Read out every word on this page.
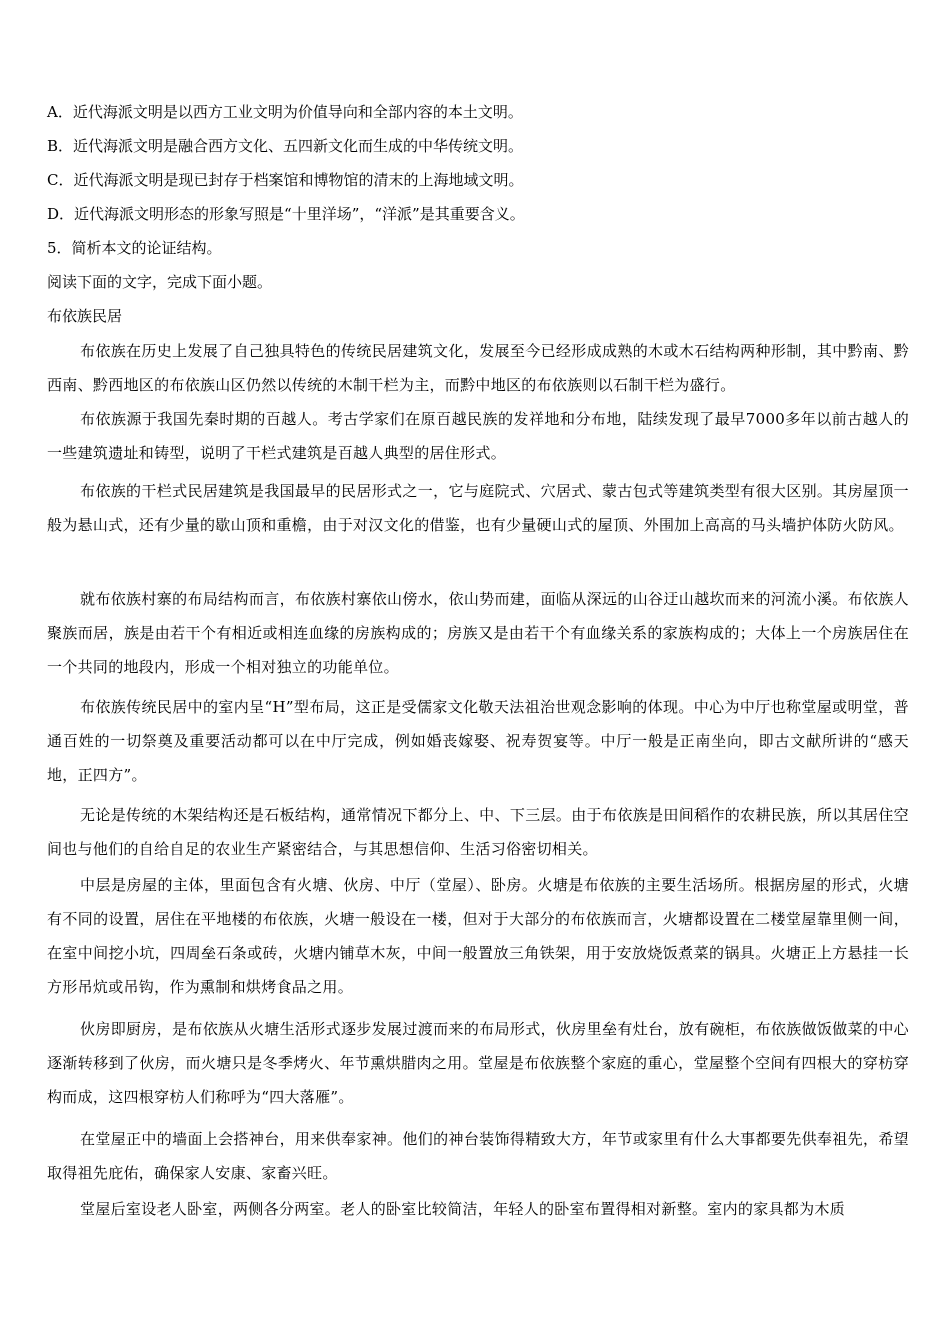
A．近代海派文明是以西方工业文明为价值导向和全部内容的本土文明。
B．近代海派文明是融合西方文化、五四新文化而生成的中华传统文明。
C．近代海派文明是现已封存于档案馆和博物馆的清末的上海地域文明。
D．近代海派文明形态的形象写照是“十里洋场”，“洋派”是其重要含义。
5．简析本文的论证结构。
阅读下面的文字，完成下面小题。
布依族民居
布依族在历史上发展了自己独具特色的传统民居建筑文化，发展至今已经形成成熟的木或木石结构两种形制，其中黔南、黔西南、黔西地区的布依族山区仍然以传统的木制干栏为主，而黔中地区的布依族则以石制干栏为盛行。
布依族源于我国先秦时期的百越人。考古学家们在原百越民族的发祥地和分布地，陆续发现了最早7000多年以前古越人的一些建筑遗址和铸型，说明了干栏式建筑是百越人典型的居住形式。
布依族的干栏式民居建筑是我国最早的民居形式之一，它与庭院式、穴居式、蒙古包式等建筑类型有很大区别。其房屋顶一般为悬山式，还有少量的歇山顶和重檐，由于对汉文化的借鉴，也有少量硬山式的屋顶、外围加上高高的马头墙护体防火防风。
就布依族村寨的布局结构而言，布依族村寨依山傍水，依山势而建，面临从深远的山谷迂山越坎而来的河流小溪。布依族人聚族而居，族是由若干个有相近或相连血缘的房族构成的；房族又是由若干个有血缘关系的家族构成的；大体上一个房族居住在一个共同的地段内，形成一个相对独立的功能单位。
布依族传统民居中的室内呈“H”型布局，这正是受儒家文化敬天法祖治世观念影响的体现。中心为中厅也称堂屋或明堂，普通百姓的一切祭奠及重要活动都可以在中厅完成，例如婚丧嫁娶、祝寿贺宴等。中厅一般是正南坐向，即古文献所讲的“感天地，正四方”。
无论是传统的木架结构还是石板结构，通常情况下都分上、中、下三层。由于布依族是田间稻作的农耕民族，所以其居住空间也与他们的自给自足的农业生产紧密结合，与其思想信仰、生活习俗密切相关。
中层是房屋的主体，里面包含有火塘、伙房、中厅（堂屋）、卧房。火塘是布依族的主要生活场所。根据房屋的形式，火塘有不同的设置，居住在平地楼的布依族，火塘一般设在一楼，但对于大部分的布依族而言，火塘都设置在二楼堂屋靠里侧一间，在室中间挖小坑，四周垒石条或砖，火塘内铺草木灰，中间一般置放三角铁架，用于安放烧饭煮菜的锅具。火塘正上方悬挂一长方形吊炕或吊钩，作为熏制和烘烤食品之用。
伙房即厨房，是布依族从火塘生活形式逐步发展过渡而来的布局形式，伙房里垒有灶台，放有碗柜，布依族做饭做菜的中心逐渐转移到了伙房，而火塘只是冬季烤火、年节熏烘腊肉之用。堂屋是布依族整个家庭的重心，堂屋整个空间有四根大的穿枋穿构而成，这四根穿枋人们称呼为“四大落雁”。
在堂屋正中的墙面上会搭神台，用来供奉家神。他们的神台装饰得精致大方，年节或家里有什么大事都要先供奉祖先，希望取得祖先庇佑，确保家人安康、家畜兴旺。
堂屋后室设老人卧室，两侧各分两室。老人的卧室比较简洁，年轻人的卧室布置得相对新整。室内的家具都为木质
